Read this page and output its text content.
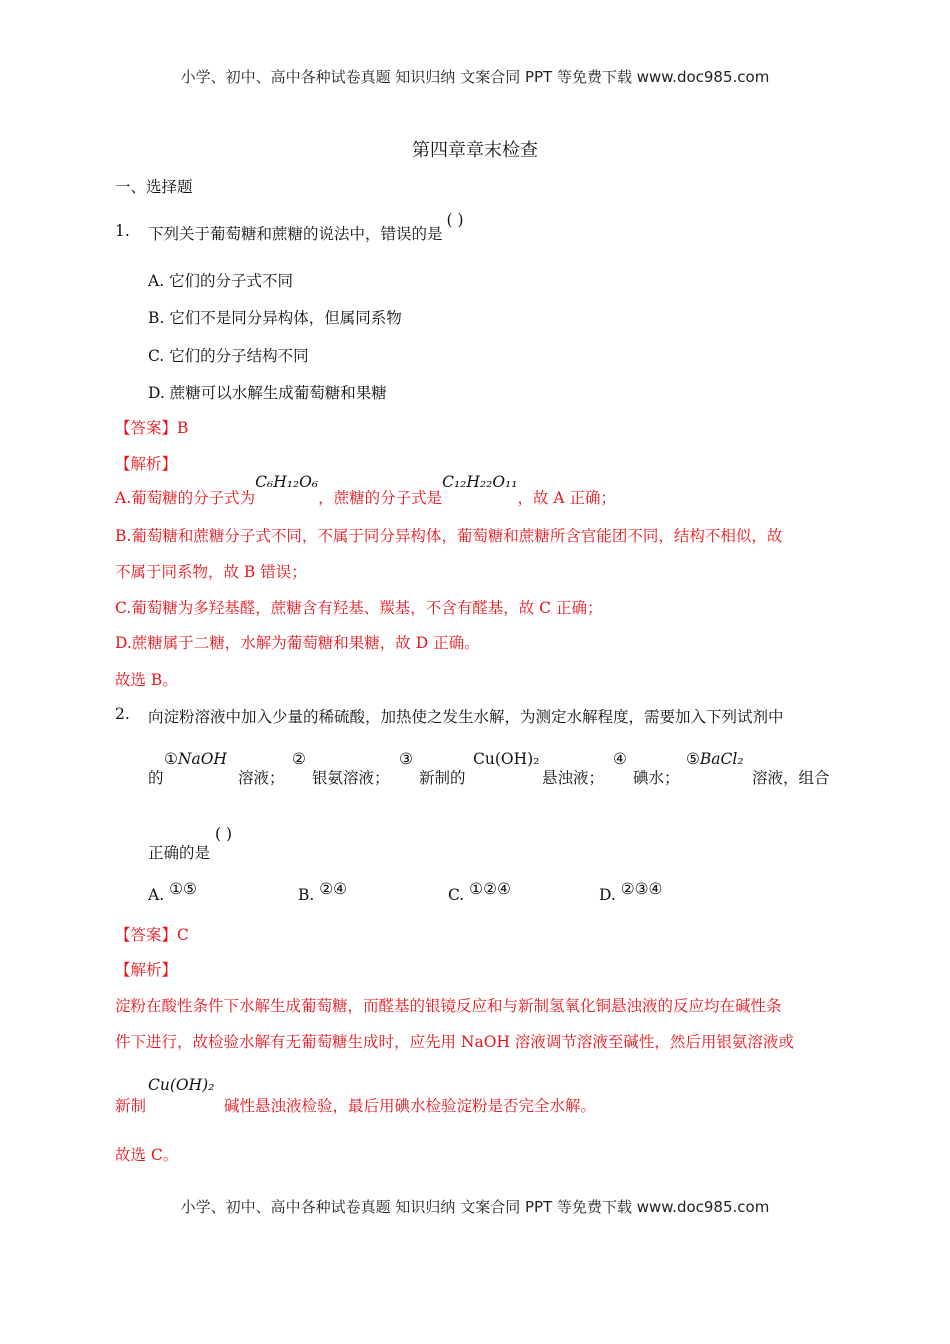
小学、初中、高中各种试卷真题 知识归纳 文案合同 PPT 等免费下载 www.doc985.com
第四章章末检查
一、选择题
1. 下列关于葡萄糖和蔗糖的说法中，错误的是( )
A. 它们的分子式不同
B. 它们不是同分异构体，但属同系物
C. 它们的分子结构不同
D. 蔗糖可以水解生成葡萄糖和果糖
【答案】B
【解析】
A.葡萄糖的分子式为C₆H₁₂O₆，蔗糖的分子式是C₁₂H₂₂O₁₁，故 A 正确；
B.葡萄糖和蔗糖分子式不同，不属于同分异构体，葡萄糖和蔗糖所含官能团不同，结构不相似，故
不属于同系物，故 B 错误；
C.葡萄糖为多羟基醛，蔗糖含有羟基、羰基，不含有醛基，故 C 正确；
D.蔗糖属于二糖，水解为葡萄糖和果糖，故 D 正确。
故选 B。
2. 向淀粉溶液中加入少量的稀硫酸，加热使之发生水解，为测定水解程度，需要加入下列试剂中
的
①NaOH
溶液；
②
银氨溶液；
③
新制的
Cu(OH)₂
悬浊液；
④
碘水；
⑤BaCl₂
溶液，组合
正确的是
( )
A. ①⑤	B. ②④	C. ①②④	D. ②③④
【答案】C
【解析】
淀粉在酸性条件下水解生成葡萄糖，而醛基的银镜反应和与新制氢氧化铜悬浊液的反应均在碱性条
件下进行，故检验水解有无葡萄糖生成时，应先用 NaOH 溶液调节溶液至碱性，然后用银氨溶液或
新制
Cu(OH)₂
碱性悬浊液检验，最后用碘水检验淀粉是否完全水解。
故选 C。
小学、初中、高中各种试卷真题 知识归纳 文案合同 PPT 等免费下载 www.doc985.com
